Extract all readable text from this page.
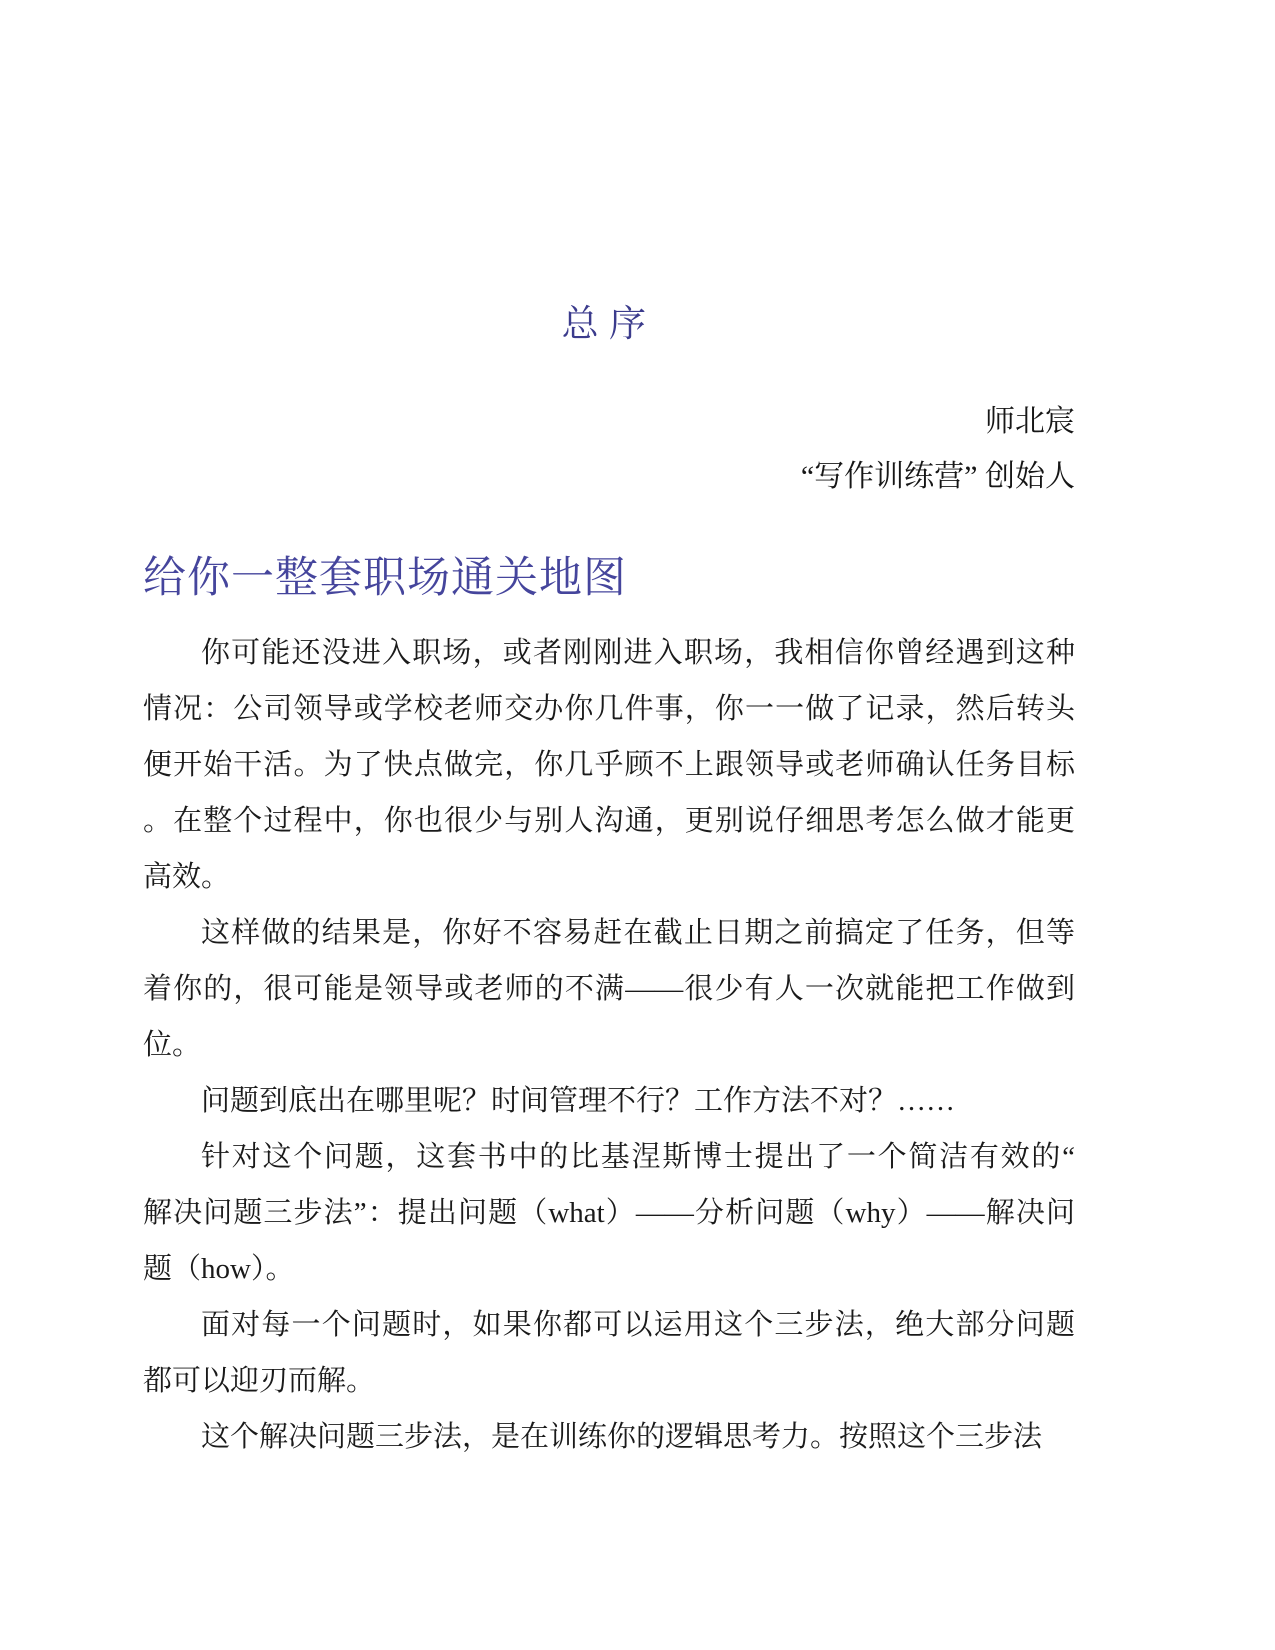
总序
师北宸
“写作训练营” 创始人
给你一整套职场通关地图

你可能还没进入职场，或者刚刚进入职场，我相信你曾经遇到这种
情况：公司领导或学校老师交办你几件事，你一一做了记录，然后转头
便开始干活。为了快点做完，你几乎顾不上跟领导或老师确认任务目标
。在整个过程中，你也很少与别人沟通，更别说仔细思考怎么做才能更
高效。

这样做的结果是，你好不容易赶在截止日期之前搞定了任务，但等
着你的，很可能是领导或老师的不满——很少有人一次就能把工作做到
位。

问题到底出在哪里呢？时间管理不行？工作方法不对？……

针对这个问题，这套书中的比基涅斯博士提出了一个简洁有效的“
解决问题三步法”：提出问题（what）——分析问题（why）——解决问
题（how）。

面对每一个问题时，如果你都可以运用这个三步法，绝大部分问题
都可以迎刃而解。

这个解决问题三步法，是在训练你的逻辑思考力。按照这个三步法
